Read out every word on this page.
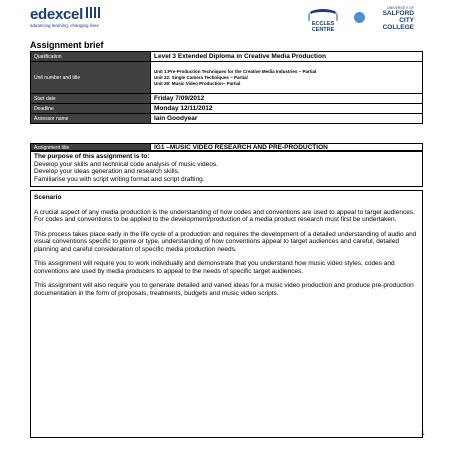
edexcel
advancing learning, changing lives	ECCLES
CENTRE
UNIVERSITY OF
SALFORD
CITY
COLLEGE
Assignment brief
Qualification	Level 3 Extended Diploma in Creative Media Production
Unit number and title	Unit 1:Pre-Production Techniques for the Creative Media Industries – Partial
Unit 22: Single Camera Techniques – Partial
Unit 29: Music Video Production– Partial

Start date	Friday 7/09/2012
Deadline	Monday 12/11/2012
Assessor name	Iain Goodyear
Assignment title	IG1 –MUSIC VIDEO RESEARCH AND PRE-PRODUCTION
The purpose of this assignment is to:
Develop your skills and technical code analysis of music videos.
Develop your ideas generation and research skills.
Familiarise you with script writing format and script drafting.
Scenario

A crucial aspect of any media production is the understanding of how codes and conventions are used to appeal to target audiences. For codes and conventions to be applied to the development/production of a media product research must first be undertaken.

This process takes place early in the life cycle of a production and requires the development of a detailed understanding of audio and visual conventions specific to genre or type, understanding of how conventions appeal to target audiences and careful, detailed planning and careful consideration of specific media production needs.

This assignment will require you to work individually and demonstrate that you understand how music video styles, codes and conventions are used by media producers to appeal to the needs of specific target audiences.

This assignment will also require you to generate detailed and varied ideas for a music video production and produce pre-production documentation in the form of proposals, treatments, budgets and music video scripts.

1
